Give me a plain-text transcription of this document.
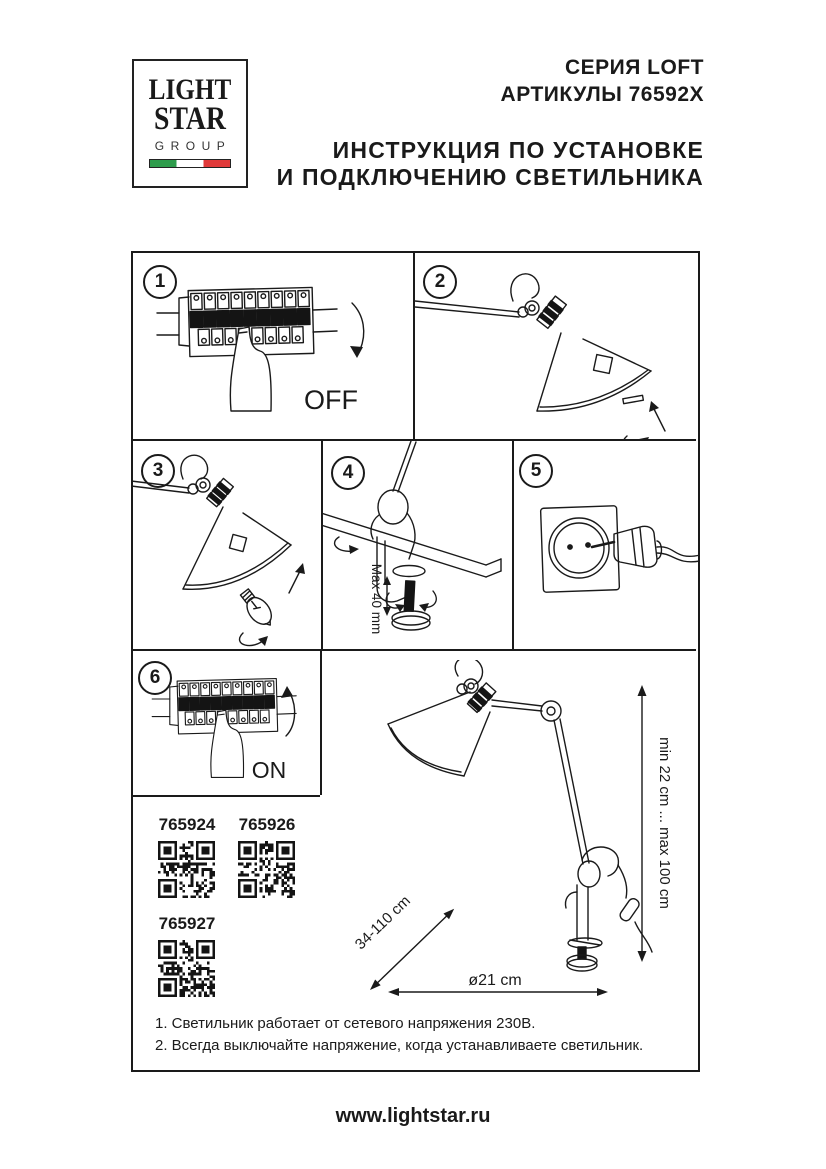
LIGHT
STAR
GROUP
СЕРИЯ LOFT
АРТИКУЛЫ 76592X
ИНСТРУКЦИЯ ПО УСТАНОВКЕ
И ПОДКЛЮЧЕНИЮ СВЕТИЛЬНИКА
1	2
3	4	5
6
OFF
Max 40 mm
ON
765924 765926
765927
min 22 cm ... max 100 cm
34-110 cm
ø21 cm
1. Светильник работает от сетевого напряжения 230В.
2. Всегда выключайте напряжение, когда устанавливаете светильник.
www.lightstar.ru
